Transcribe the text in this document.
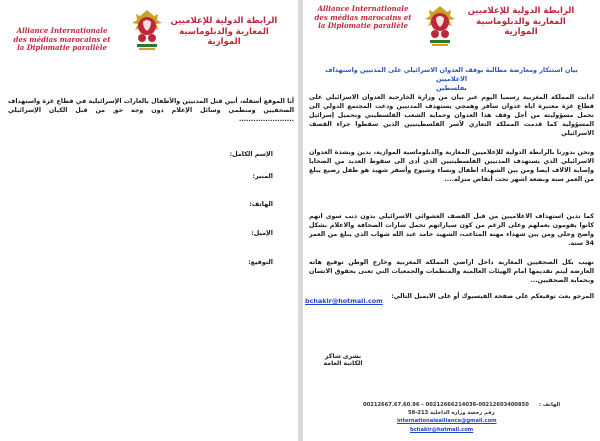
Alliance Internationale
des médias marocains et
la Diplomatie parallèle
الرابطة الدولية للإعلاميين
المغاربة والدبلوماسية
الموازية
أنا الموقع أسفله، أنين قتل المدنيين والأطفال بالغارات الإسرائيلية في قطاع غزة واستهداف الصحفيين ومنظمي وسائل الإعلام دون وجه حق من قبل الكيان الإسرائيلي .......................
الإسم الكامل:
المنبر:
الهاتف:
الإميل:
التوقيع:
Alliance Internationale
des médias marocains et
la Diplomatie parallèle
الرابطة الدولية للإعلاميين
المغاربة والدبلوماسية
الموازية
بيان استنكار ومعارضة مطالبة بوقف العدوان الاسرائيلي على المدنيين واستهداف الاعلاميين
بفلسطين
ادانت المملكة المغربية رسميا اليوم عبر بيان من وزارة الخارجية العدوان الاسرائيلي على قطاع غزة معتبرة اياه عدوان سافر وهمجي يستهدف المدنيين ودعت المجتمع الدولي الى تحمل مسؤوليته من أجل وقف هذا العدوان وحماية الشعب الفلسطيني وتحميل إسرائيل المسؤولية كما قدمت المملكة التعازي لأسر الفلسطينيين الذين سقطوا جراء القصف الاسرائيلي
ونحن بدورنا بالرابطة الدولية للإعلاميين المغاربة والدبلوماسية الموازية، ندين وبشدة العدوان الاسرائيلي الذي يستهدف المدنيين الفلسطينيين الذي أدى الى سقوط العديد من الضحايا وإصابة الالاف ايضا ومن بين الشهداء اطفال ونساء وشيوخ وأسفر شهيد هو طفل رضيع يبلغ من العمر سنة وبضعة اشهر تحت أنقاض منزله....
كما ندين استهداف الاعلاميين من قبل القصف العشوائي الاسرائيلي بدون ذنب سوى انهم كانوا يقومون بعملهم وعلى الرغم من كون سياراتهم تحمل شارات الصحافة والاعلام بشكل واضح وجلي ومن بين شهداء مهنة المتاعب، الشهيد حامد عبد الله شهاب الذي يبلغ من العمر 34 سنة.
نهيب بكل الصحفيين المغاربة داخل اراضي المملكة المغربية وخارج الوطن توقيع هاته العارضة ليتم تقديمها امام الهيئات العالمية والمنظمات والجمعيات التي تعنى بحقوق الانسان وبحماية الصحفيين...
المرجو بعث توقيعكم على صفحة الفيسبوك أو على الايميل التالي:
bchakir@hotmail.com
بشرى شاكر
الكاتبة العامة
00212667.67.60.96 – 00212666214036-00212603400850 الهاتف :
رقم رخصة وزارة الداخلية 213-58
internationalealliance@gmail.com
bchakir@hotmail.com
